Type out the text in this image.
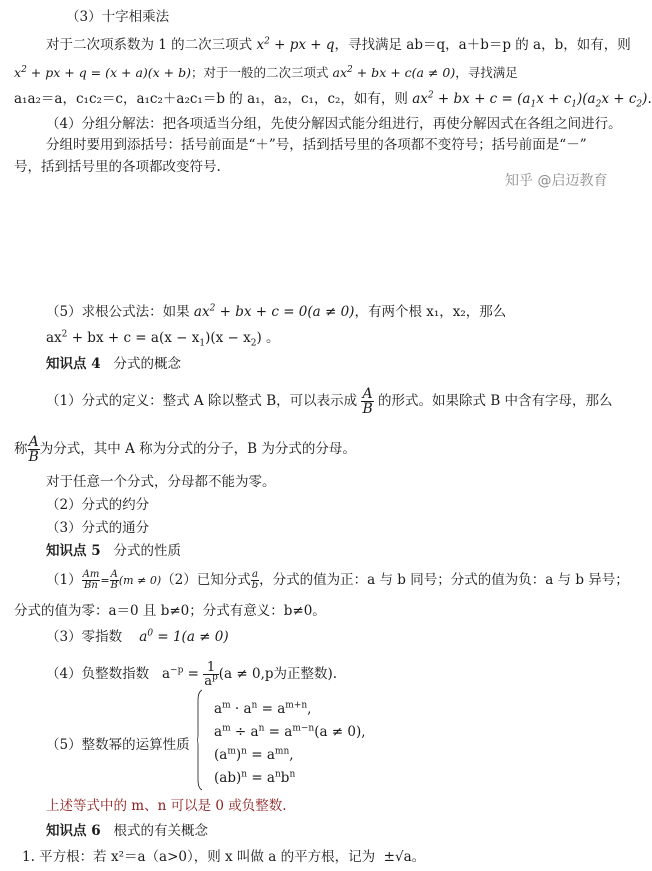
（3）十字相乘法
对于二次项系数为 1 的二次三项式 $x^2$ + px + q，寻找满足 ab＝q，a＋b＝p 的 a，b，如有，则
$x^2$ + px + q = (x + a)(x + b)；对于一般的二次三项式 $ax^2$ + bx + c(a ≠ 0)，寻找满足
a₁a₂＝a，c₁c₂＝c，a₁c₂＋a₂c₁＝b 的 a₁，a₂，c₁，c₂，如有，则 $ax^2$ + bx + $c = (a_1x + c_1)(a_2x + c_2)$.
（4）分组分解法：把各项适当分组，先使分解因式能分组进行，再使分解因式在各组之间进行。
分组时要用到添括号：括号前面是“＋”号，括到括号里的各项都不变符号；括号前面是“－”
号，括到括号里的各项都改变符号.
知乎 @启迈教育
（5）求根公式法：如果 $ax^2$ + bx + c = 0(a ≠ 0)，有两个根 x₁，x₂，那么
$ax^2$ + bx + $c = a(x - x_1)(x - x_2)$ 。
知识点 4 分式的概念
（1）分式的定义：整式 A 除以整式 B，可以表示成 $\frac{A}{B}$ 的形式。如果除式 B 中含有字母，那么
称 $\frac{A}{B}$ 为分式，其中 A 称为分式的分子，B 为分式的分母。
对于任意一个分式，分母都不能为零。
（2）分式的约分
（3）分式的通分
知识点 5 分式的性质
$(1) \frac{Am}{Bn} = \frac{A}{B} (m \ne 0)(2)$已知分式 $\frac{a}{b}$ ，分式的值为正：a 与 b 同号；分式的值为负：a 与 b 异号；
分式的值为零：a＝0 且 b≠0；分式有意义：b≠0。
（3）零指数 $a^0 = 1(a \ne 0)$
（4）负整数指数 $a^{-p} = \frac{1}{a^p} (a \ne 0,p$为正整数).
$a^m \cdot a^n = a^{m+n}$,
$a^m \div a^n = a^{m-n}(a \ne 0)$,
（5）整数幂的运算性质
$(a^m)^n = a^{mn}$,
$(ab)^n = a^nb^n$
上述等式中的 m、n 可以是 0 或负整数.
知识点 6 根式的有关概念
1. 平方根：若 x²＝a（a>0），则 x 叫做 a 的平方根，记为 ±√a。
